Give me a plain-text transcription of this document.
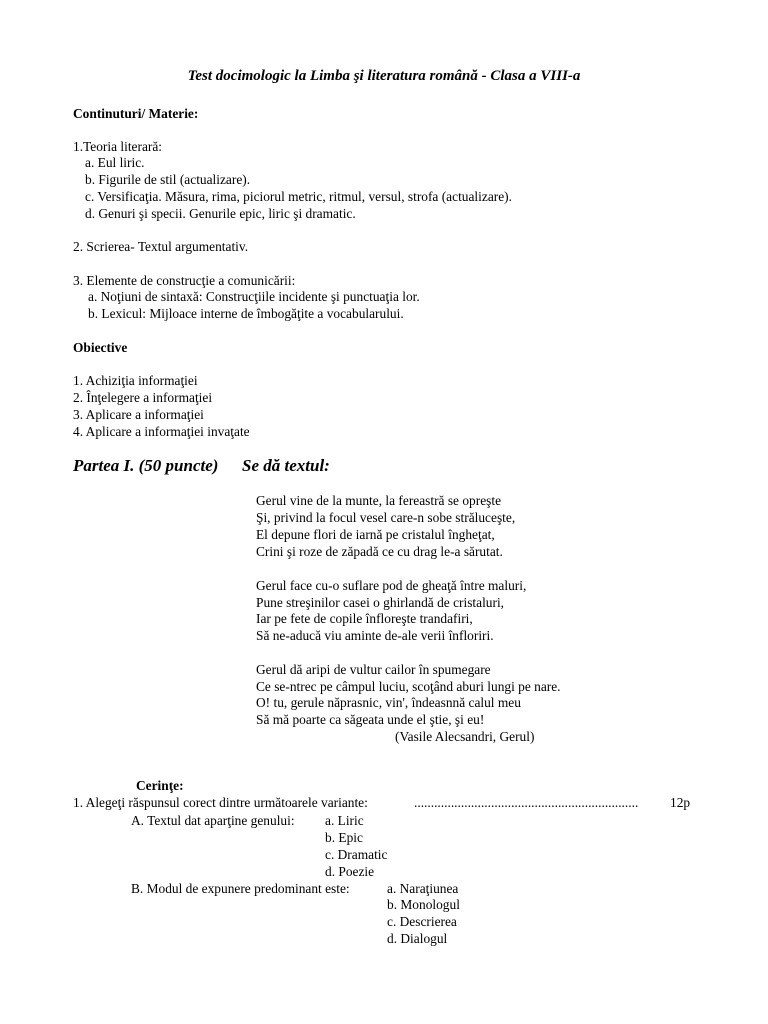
Test docimologic la Limba şi literatura română - Clasa a VIII-a

Continuturi/ Materie:

1.Teoria literară:

a. Eul liric.

b. Figurile de stil (actualizare).

c. Versificaţia. Măsura, rima, piciorul metric, ritmul, versul, strofa (actualizare).

d. Genuri şi specii. Genurile epic, liric şi dramatic.

2. Scrierea- Textul argumentativ.

3. Elemente de construcţie a comunicării:

a. Noţiuni de sintaxă: Construcţiile incidente şi punctuaţia lor.

b. Lexicul: Mijloace interne de îmbogăţite a vocabularului.

Obiective

1. Achiziţia informaţiei

2. Înţelegere a informaţiei

3. Aplicare a informaţiei

4. Aplicare a informaţiei invaţate

Partea I. (50 puncte) Se dă textul:

Gerul vine de la munte, la fereastră se opreşte

Şi, privind la focul vesel care-n sobe străluceşte,

El depune flori de iarnă pe cristalul îngheţat,

Crini şi roze de zăpadă ce cu drag le-a sărutat.

Gerul face cu-o suflare pod de gheaţă între maluri,

Pune streşinilor casei o ghirlandă de cristaluri,

Iar pe fete de copile înfloreşte trandafiri,

Să ne-aducă viu aminte de-ale verii înfloriri.

Gerul dă aripi de vultur cailor în spumegare

Ce se-ntrec pe câmpul luciu, scoţând aburi lungi pe nare.

O! tu, gerule năprasnic, vin', îndeasnnă calul meu

Să mă poarte ca săgeata unde el ştie, şi eu!

(Vasile Alecsandri, Gerul)

Cerinţe:

1. Alegeţi răspunsul corect dintre următoarele variante:	................................................................... 12p

A. Textul dat aparţine genului: a. Liric

b. Epic

c. Dramatic

d. Poezie

B. Modul de expunere predominant este:	a. Naraţiunea

b. Monologul

c. Descrierea

d. Dialogul
